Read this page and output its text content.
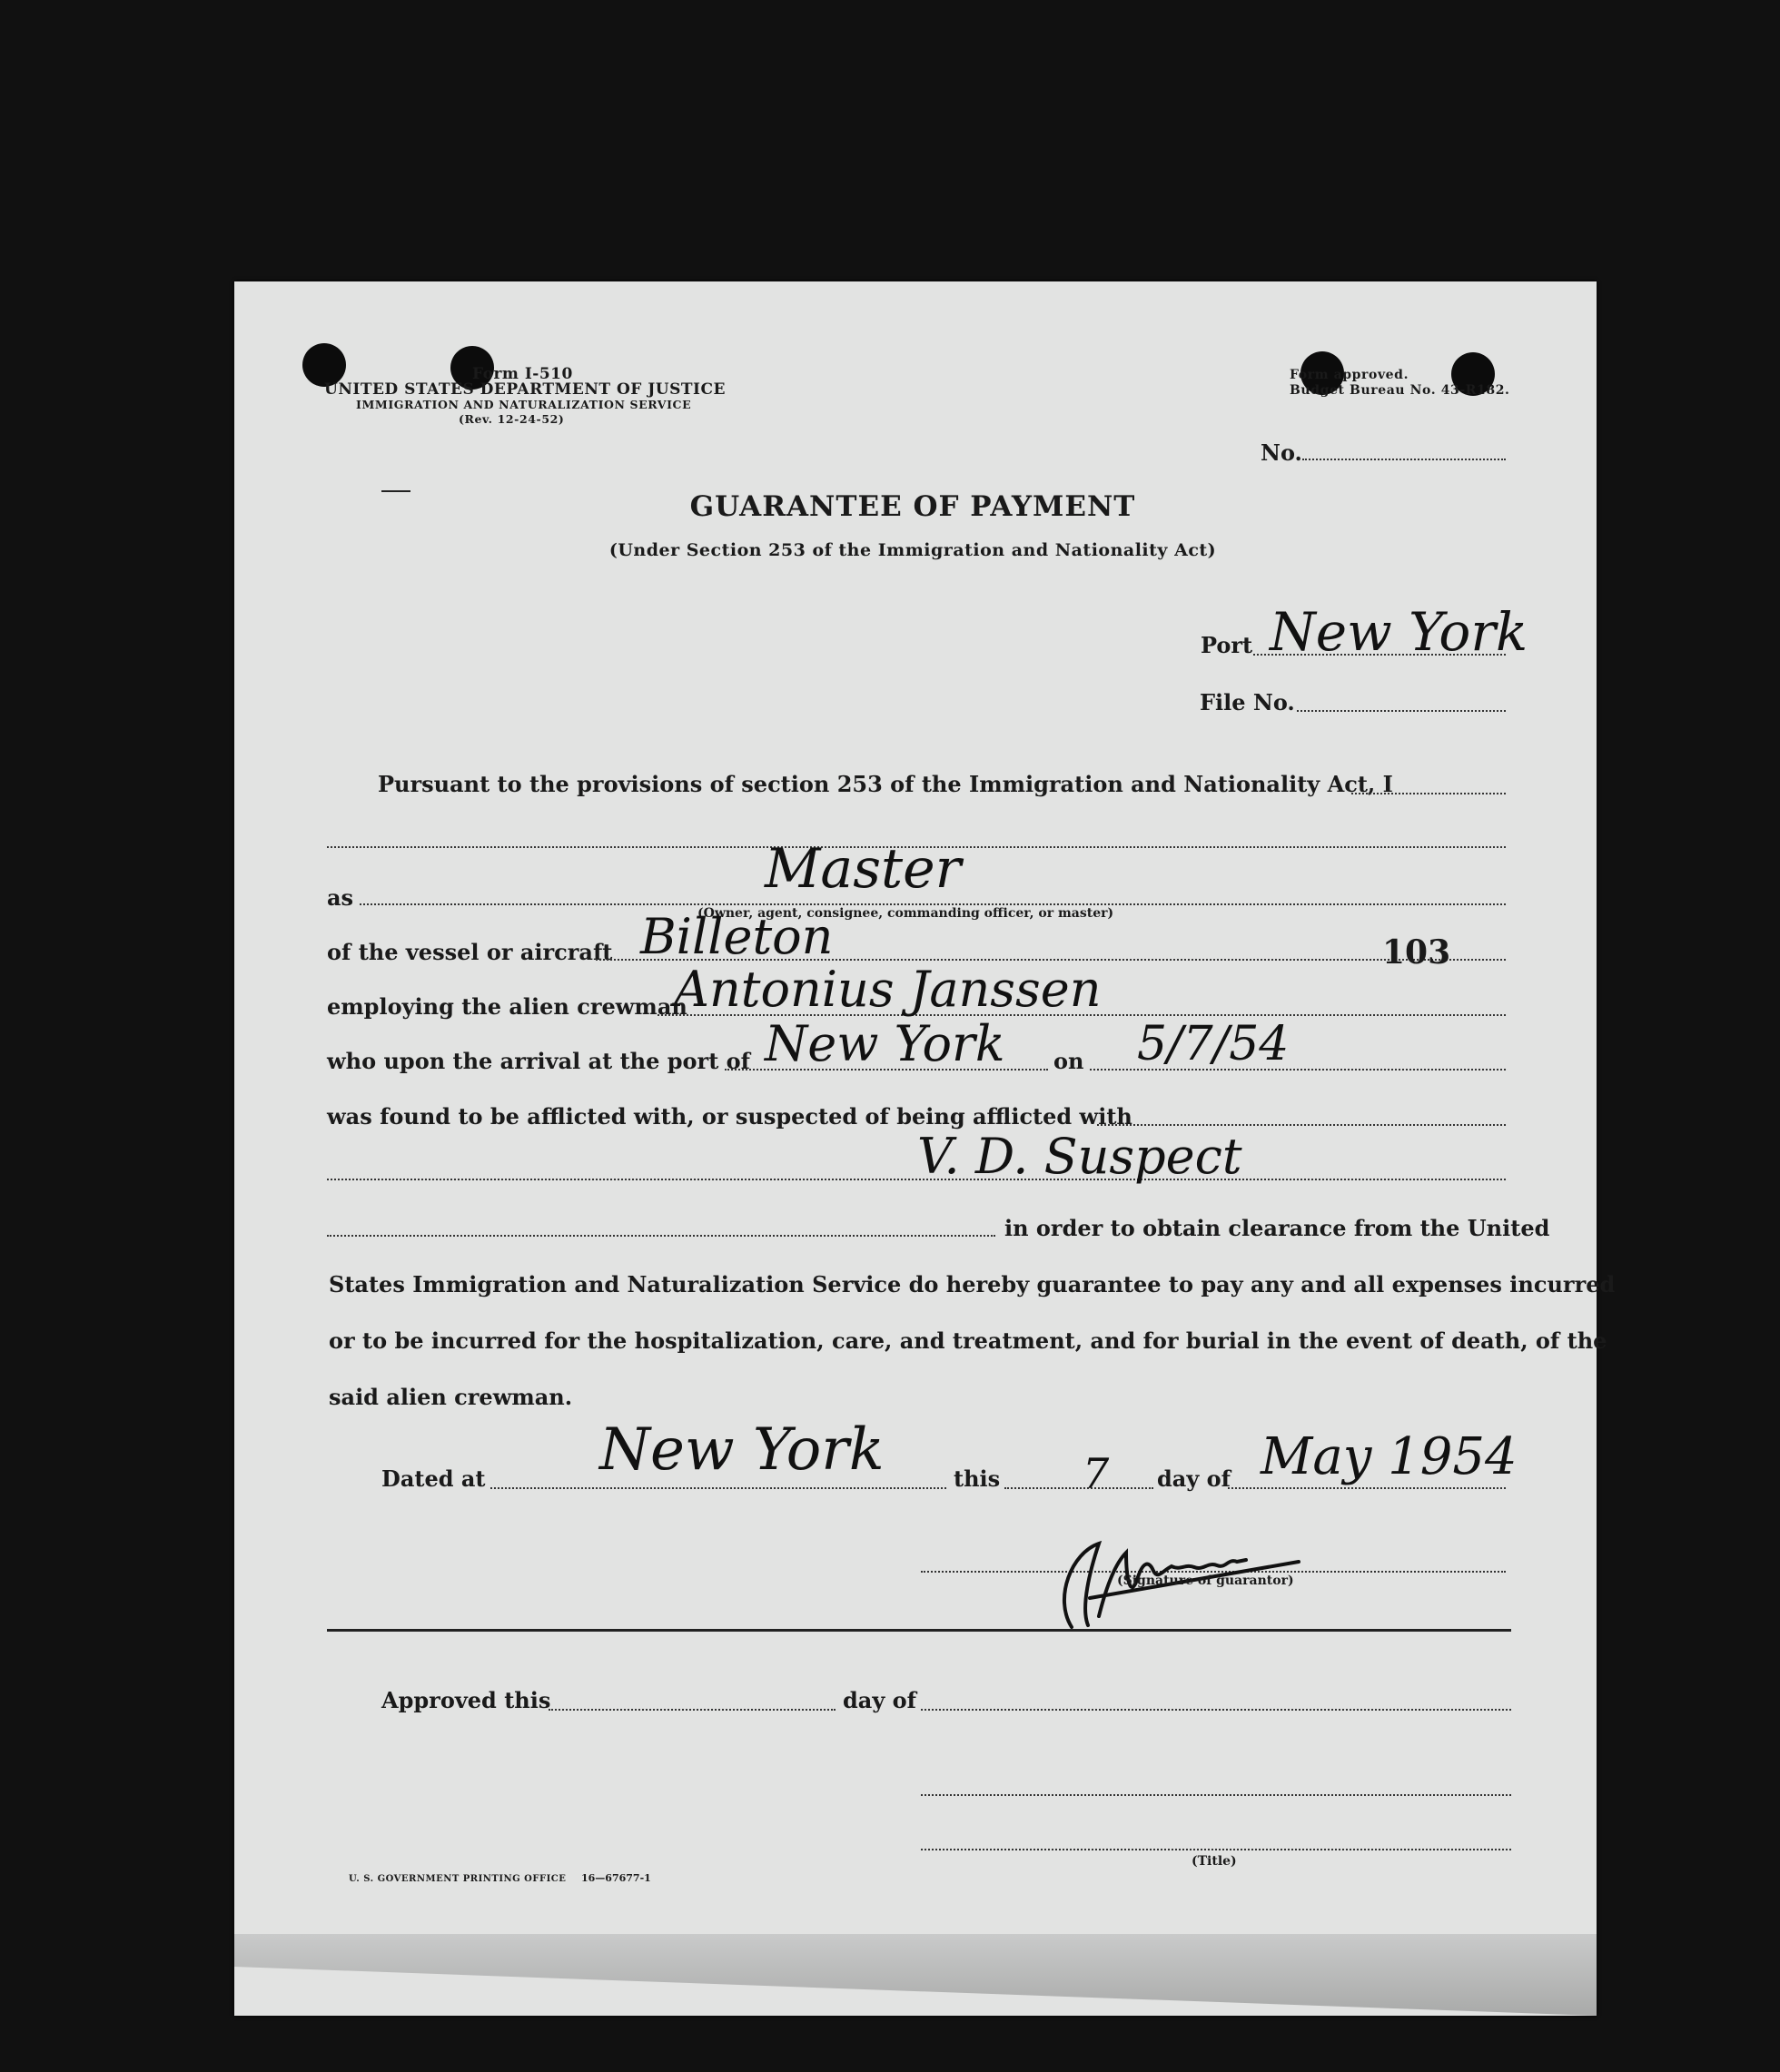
Form I-510
UNITED STATES DEPARTMENT OF JUSTICE
IMMIGRATION AND NATURALIZATION SERVICE
(Rev. 12-24-52)
Form approved.
Budget Bureau No. 43-R182.
No.
GUARANTEE OF PAYMENT
(Under Section 253 of the Immigration and Nationality Act)
Port New York
File No.
Pursuant to the provisions of section 253 of the Immigration and Nationality Act, I
as	Master
(Owner, agent, consignee, commanding officer, or master)
of the vessel or aircraft Billeton	103
employing the alien crewman
Antonius Janssen
who upon the arrival at the port of New York on 5/7/54
was found to be afflicted with, or suspected of being afflicted with
V. D. Suspect
in order to obtain clearance from the United
States Immigration and Naturalization Service do hereby guarantee to pay any and all expenses incurred
or to be incurred for the hospitalization, care, and treatment, and for burial in the event of death, of the
said alien crewman.
Dated at New York	this 7 day of May 1954
(Signature of guarantor)
Approved this	day of
(Title)
U. S. GOVERNMENT PRINTING OFFICE 16—67677-1
